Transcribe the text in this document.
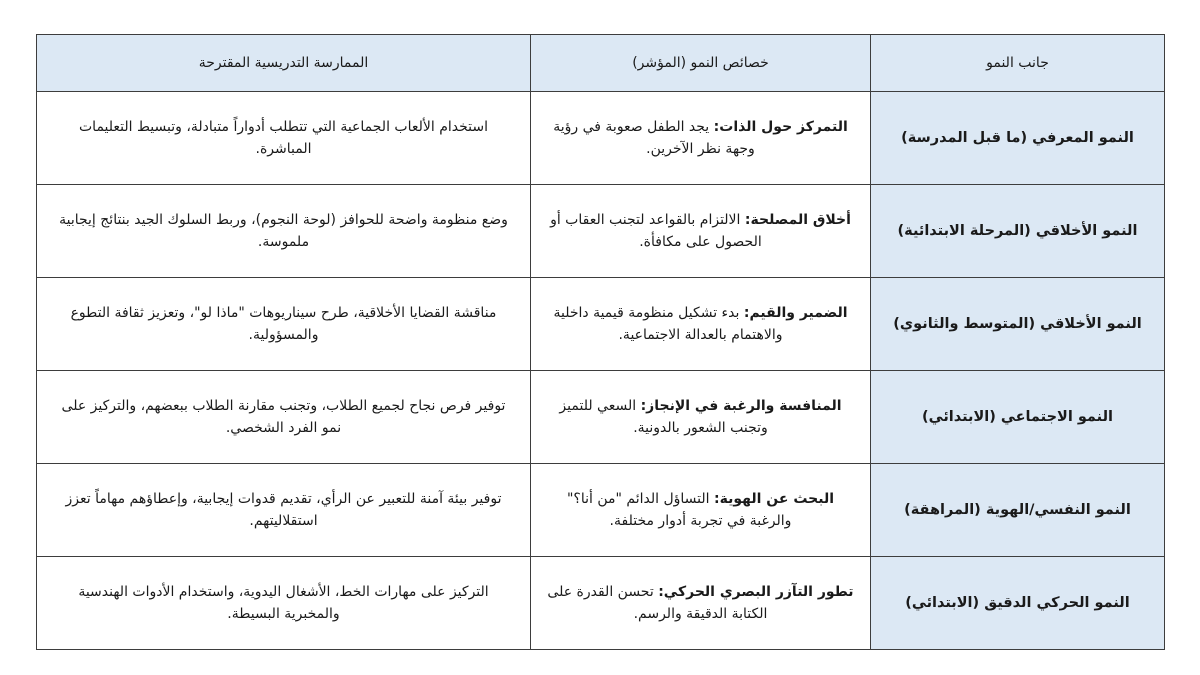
جانب النمو	خصائص النمو (المؤشر)	الممارسة التدريسية المقترحة
النمو المعرفي (ما قبل المدرسة)	التمركز حول الذات: يجد الطفل صعوبة في رؤية وجهة نظر الآخرين.	استخدام الألعاب الجماعية التي تتطلب أدواراً متبادلة، وتبسيط التعليمات المباشرة.
النمو الأخلاقي (المرحلة الابتدائية)	أخلاق المصلحة: الالتزام بالقواعد لتجنب العقاب أو الحصول على مكافأة.	وضع منظومة واضحة للحوافز (لوحة النجوم)، وربط السلوك الجيد بنتائج إيجابية ملموسة.
النمو الأخلاقي (المتوسط والثانوي)	الضمير والقيم: بدء تشكيل منظومة قيمية داخلية والاهتمام بالعدالة الاجتماعية.	مناقشة القضايا الأخلاقية، طرح سيناريوهات "ماذا لو"، وتعزيز ثقافة التطوع والمسؤولية.
النمو الاجتماعي (الابتدائي)	المنافسة والرغبة في الإنجاز: السعي للتميز وتجنب الشعور بالدونية.	توفير فرص نجاح لجميع الطلاب، وتجنب مقارنة الطلاب ببعضهم، والتركيز على نمو الفرد الشخصي.
النمو النفسي/الهوية (المراهقة)	البحث عن الهوية: التساؤل الدائم "من أنا؟" والرغبة في تجربة أدوار مختلفة.	توفير بيئة آمنة للتعبير عن الرأي، تقديم قدوات إيجابية، وإعطاؤهم مهاماً تعزز استقلاليتهم.
النمو الحركي الدقيق (الابتدائي)	تطور التآزر البصري الحركي: تحسن القدرة على الكتابة الدقيقة والرسم.	التركيز على مهارات الخط، الأشغال اليدوية، واستخدام الأدوات الهندسية والمخبرية البسيطة.
